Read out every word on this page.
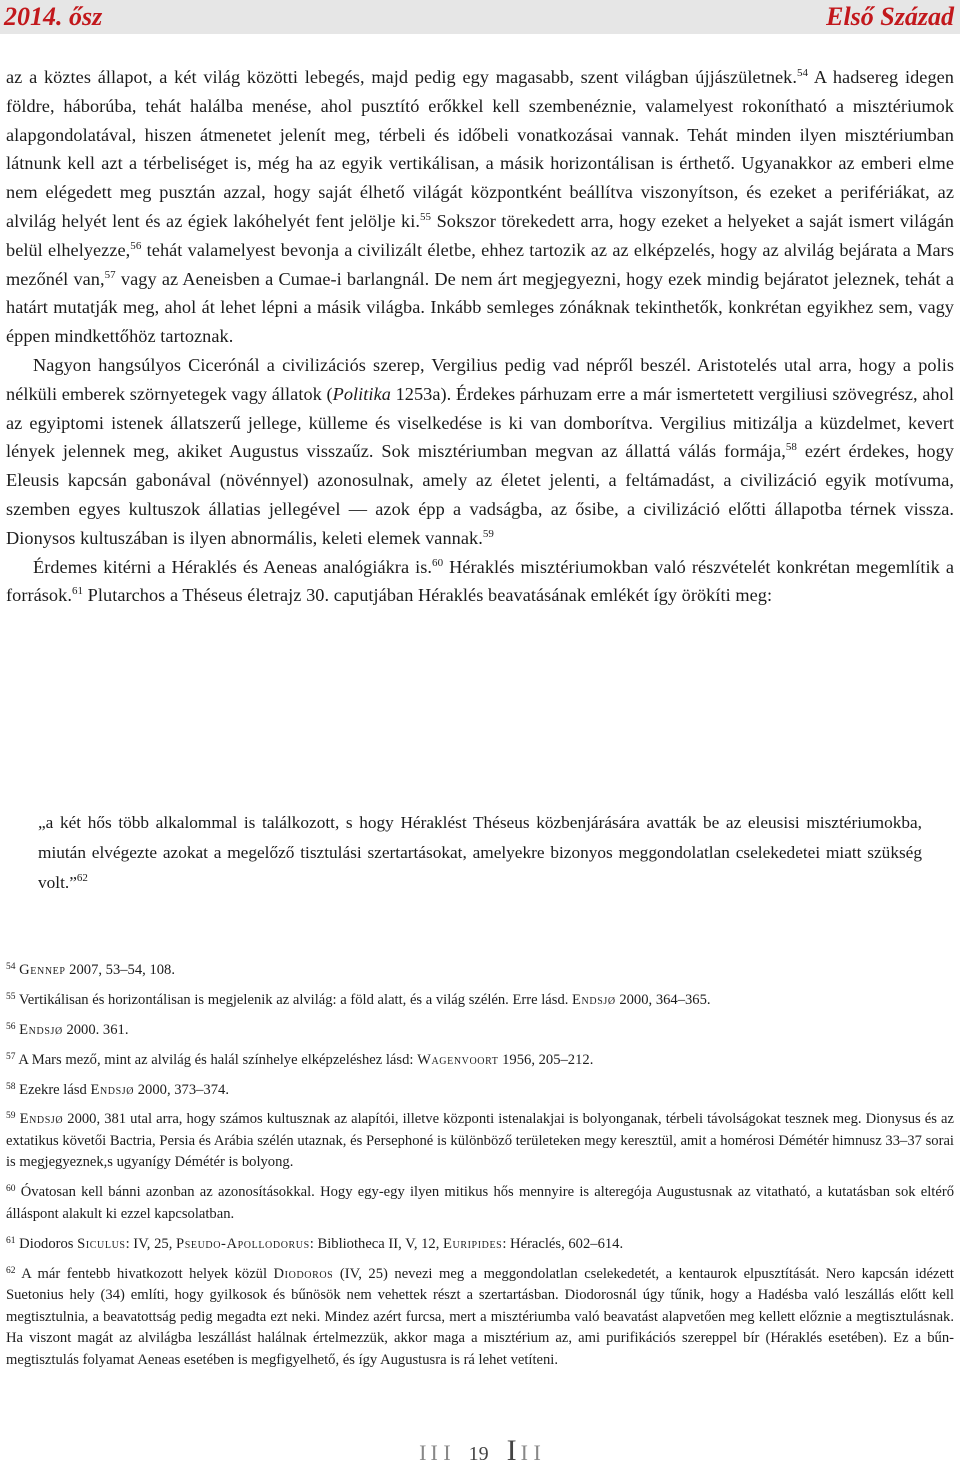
2014. ősz	Első Század

az a köztes állapot, a két világ közötti lebegés, majd pedig egy magasabb, szent világban újjászületnek.$^{54}$ A hadsereg idegen földre, háborúba, tehát halálba menése, ahol pusztító erőkkel kell szembenéznie, valamelyest rokonítható a misztériumok alapgondolatával, hiszen átmenetet jelenít meg, térbeli és időbeli vonatkozásai vannak. Tehát minden ilyen misztériumban látnunk kell azt a térbeliséget is, még ha az egyik vertikálisan, a másik horizontálisan is érthető. Ugyanakkor az emberi elme nem elégedett meg pusztán azzal, hogy saját élhető világát központként beállítva viszonyítson, és ezeket a perifériákat, az alvilág helyét lent és az égiek lakóhelyét fent jelölje ki.$^{55}$ Sokszor törekedett arra, hogy ezeket a helyeket a saját ismert világán belül elhelyezze,$^{56}$ tehát valamelyest bevonja a civilizált életbe, ehhez tartozik az az elképzelés, hogy az alvilág bejárata a Mars mezőnél van,$^{57}$ vagy az Aeneisben a Cumae-i barlangnál. De nem árt megjegyezni, hogy ezek mindig bejáratot jeleznek, tehát a határt mutatják meg, ahol át lehet lépni a másik világba. Inkább semleges zónáknak tekinthetők, konkrétan egyikhez sem, vagy éppen mindkettőhöz tartoznak.

Nagyon hangsúlyos Cicerónál a civilizációs szerep, Vergilius pedig vad népről beszél. Aristotelés utal arra, hogy a polis nélküli emberek szörnyetegek vagy állatok (Politika 1253a). Érdekes párhuzam erre a már ismertetett vergiliusi szövegrész, ahol az egyiptomi istenek állatszerű jellege, külleme és viselkedése is ki van domborítva. Vergilius mitizálja a küzdelmet, kevert lények jelennek meg, akiket Augustus visszaűz. Sok misztériumban megvan az állattá válás formája,$^{58}$ ezért érdekes, hogy Eleusis kapcsán gabonával (növénnyel) azonosulnak, amely az életet jelenti, a feltámadást, a civilizáció egyik motívuma, szemben egyes kultuszok állatias jellegével — azok épp a vadságba, az ősibe, a civilizáció előtti állapotba térnek vissza. Dionysos kultuszában is ilyen abnormális, keleti elemek vannak.$^{59}$

Érdemes kitérni a Héraklés és Aeneas analógiákra is.$^{60}$ Héraklés misztériumokban való részvételét konkrétan megemlítik a források.$^{61}$ Plutarchos a Théseus életrajz 30. caputjában Héraklés beavatásának emlékét így örökíti meg:

„a két hős több alkalommal is találkozott, s hogy Héraklést Théseus közbenjárására avatták be az eleusisi misztériumokba, miután elvégezte azokat a megelőző tisztulási szertartásokat, amelyekre bizonyos meggondolatlan cselekedetei miatt szükség volt.”$^{62}$

$^{54}$ Gennep 2007, 53–54, 108.

$^{55}$ Vertikálisan és horizontálisan is megjelenik az alvilág: a föld alatt, és a világ szélén. Erre lásd. Endsjø 2000, 364–365.

$^{56}$ Endsjø 2000. 361.

$^{57}$ A Mars mező, mint az alvilág és halál színhelye elképzeléshez lásd: Wagenvoort 1956, 205–212.

$^{58}$ Ezekre lásd Endsjø 2000, 373–374.

$^{59}$ Endsjø 2000, 381 utal arra, hogy számos kultusznak az alapítói, illetve központi istenalakjai is bolyonganak, térbeli távolságokat tesznek meg. Dionysus és az extatikus követői Bactria, Persia és Arábia szélén utaznak, és Persephoné is különböző területeken megy keresztül, amit a homérosi Démétér himnusz 33–37 sorai is megjegyeznek,s ugyanígy Démétér is bolyong.

$^{60}$ Óvatosan kell bánni azonban az azonosításokkal. Hogy egy-egy ilyen mitikus hős mennyire is alteregója Augustusnak az vitatható, a kutatásban sok eltérő álláspont alakult ki ezzel kapcsolatban.

$^{61}$ Diodoros Siculus: IV, 25, Pseudo-Apollodorus: Bibliotheca II, V, 12, Euripides: Héraclés, 602–614.

$^{62}$ A már fentebb hivatkozott helyek közül Diodoros (IV, 25) nevezi meg a meggondolatlan cselekedetét, a kentaurok elpusztítását. Nero kapcsán idézett Suetonius hely (34) említi, hogy gyilkosok és bűnösök nem vehettek részt a szertartásban. Diodorosnál úgy tűnik, hogy a Hadésba való leszállás előtt kell megtisztulnia, a beavatottság pedig megadta ezt neki. Mindez azért furcsa, mert a misztériumba való beavatást alapvetően meg kellett előznie a megtisztulásnak. Ha viszont magát az alvilágba leszállást halálnak értelmezzük, akkor maga a misztérium az, ami purifikációs szereppel bír (Héraklés esetében). Ez a bűn-megtisztulás folyamat Aeneas esetében is megfigyelhető, és így Augustusra is rá lehet vetíteni.

I I I 19 I I I
